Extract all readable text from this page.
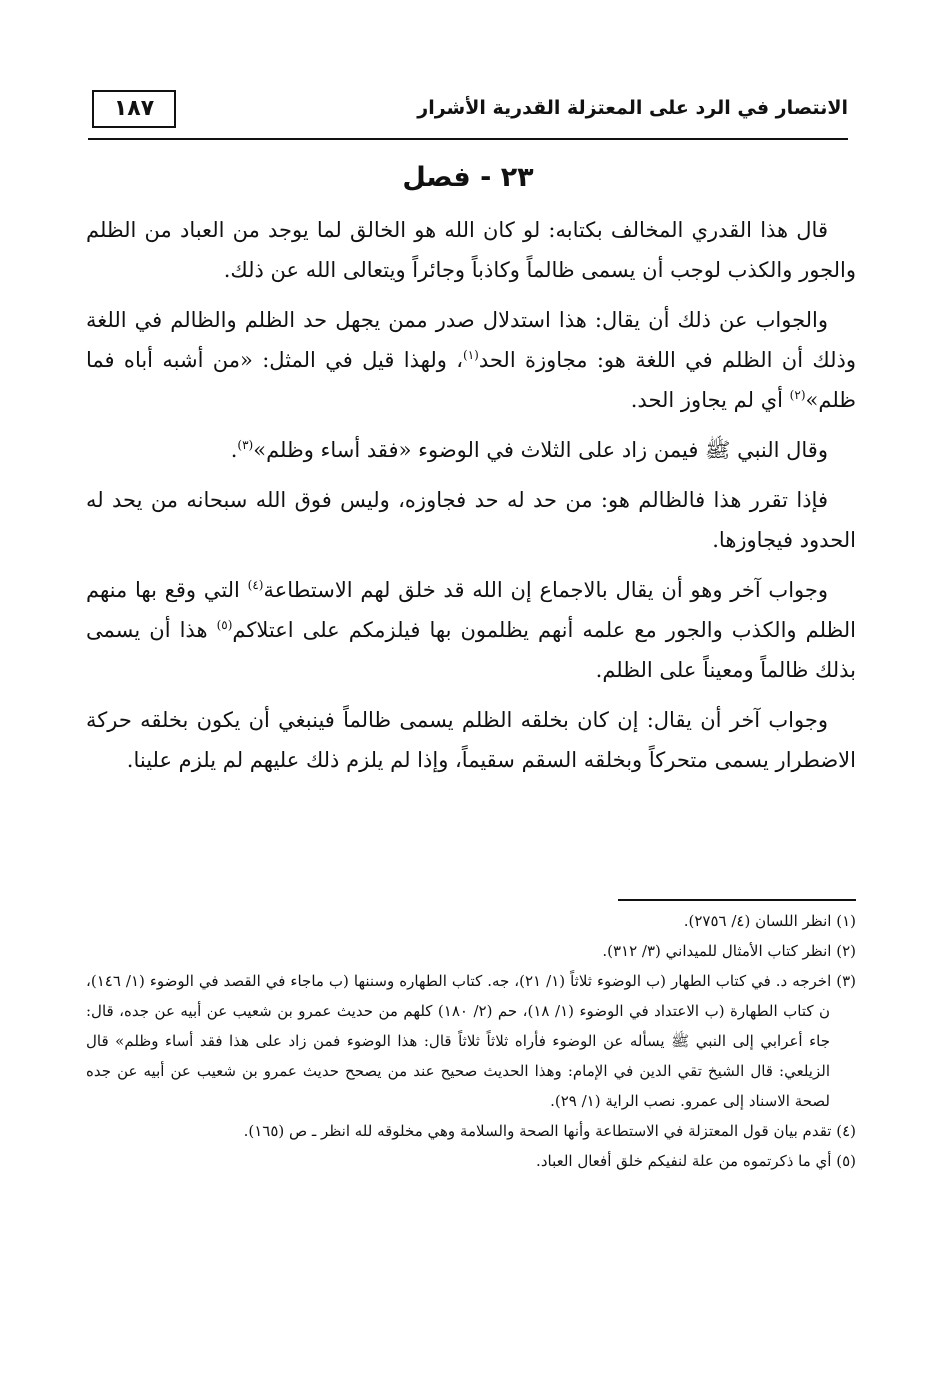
الانتصار في الرد على المعتزلة القدرية الأشرار
١٨٧
٢٣ - فصل

قال هذا القدري المخالف بكتابه: لو كان الله هو الخالق لما يوجد من العباد من الظلم والجور والكذب لوجب أن يسمى ظالماً وكاذباً وجائراً ويتعالى الله عن ذلك.

والجواب عن ذلك أن يقال: هذا استدلال صدر ممن يجهل حد الظلم والظالم في اللغة وذلك أن الظلم في اللغة هو: مجاوزة الحد$^{(١)}$، ولهذا قيل في المثل: «من أشبه أباه فما ظلم»$^{(٢)}$ أي لم يجاوز الحد.

وقال النبي ﷺ فيمن زاد على الثلاث في الوضوء «فقد أساء وظلم»$^{(٣)}$.

فإذا تقرر هذا فالظالم هو: من حد له حد فجاوزه، وليس فوق الله سبحانه من يحد له الحدود فيجاوزها.

وجواب آخر وهو أن يقال بالاجماع إن الله قد خلق لهم الاستطاعة$^{(٤)}$ التي وقع بها منهم الظلم والكذب والجور مع علمه أنهم يظلمون بها فيلزمكم على اعتلاكم$^{(٥)}$ هذا أن يسمى بذلك ظالماً ومعيناً على الظلم.

وجواب آخر أن يقال: إن كان بخلقه الظلم يسمى ظالماً فينبغي أن يكون بخلقه حركة الاضطرار يسمى متحركاً وبخلقه السقم سقيماً، وإذا لم يلزم ذلك عليهم لم يلزم علينا.

(١) انظر اللسان (٤/ ٢٧٥٦).

(٢) انظر كتاب الأمثال للميداني (٣/ ٣١٢).

(٣) اخرجه د. في كتاب الطهار (ب الوضوء ثلاثاً (١/ ٢١)، جه. كتاب الطهاره وسننها (ب ماجاء في القصد في الوضوء (١/ ١٤٦)، ن كتاب الطهارة (ب الاعتداد في الوضوء (١/ ١٨)، حم (٢/ ١٨٠) كلهم من حديث عمرو بن شعيب عن أبيه عن جده، قال: جاء أعرابي إلى النبي ﷺ يسأله عن الوضوء فأراه ثلاثاً ثلاثاً قال: هذا الوضوء فمن زاد على هذا فقد أساء وظلم» قال الزيلعي: قال الشيخ تقي الدين في الإمام: وهذا الحديث صحيح عند من يصحح حديث عمرو بن شعيب عن أبيه عن جده لصحة الاسناد إلى عمرو. نصب الراية (١/ ٢٩).

(٤) تقدم بيان قول المعتزلة في الاستطاعة وأنها الصحة والسلامة وهي مخلوقه لله انظر ـ ص (١٦٥).

(٥) أي ما ذكرتموه من علة لنفيكم خلق أفعال العباد.
